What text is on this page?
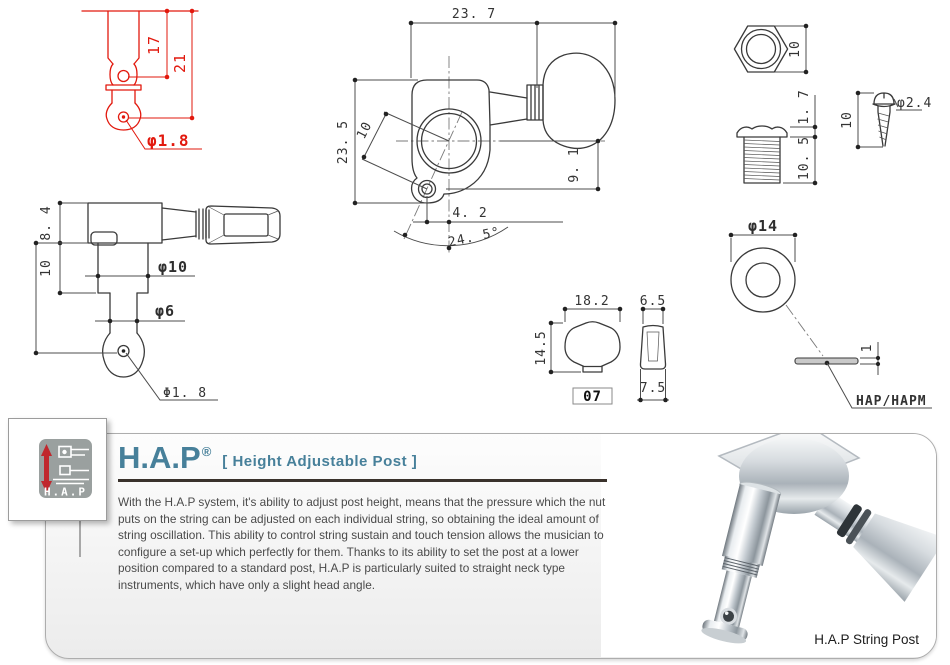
17
21
φ1.8
8. 4
10	φ10
φ6
Φ1. 8
23. 7
23. 5 10
9. 1
4. 2
24. 5°
18.2
14.5
07
6.5
7.5
10
1. 7
10. 5
φ2.4
10
φ14
1
HAP/HAPM
H.A.P®
[ Height Adjustable Post ]

With the H.A.P system, it's ability to adjust post height, means that the pressure which the nut puts on the string can be adjusted on each individual string, so obtaining the ideal amount of string oscillation. This ability to control string sustain and touch tension allows the musician to configure a set-up which perfectly for them. Thanks to its ability to set the post at a lower position compared to a standard post, H.A.P is particularly suited to straight neck type instruments, which have only a slight head angle.

H.A.P String Post
H.A.P
